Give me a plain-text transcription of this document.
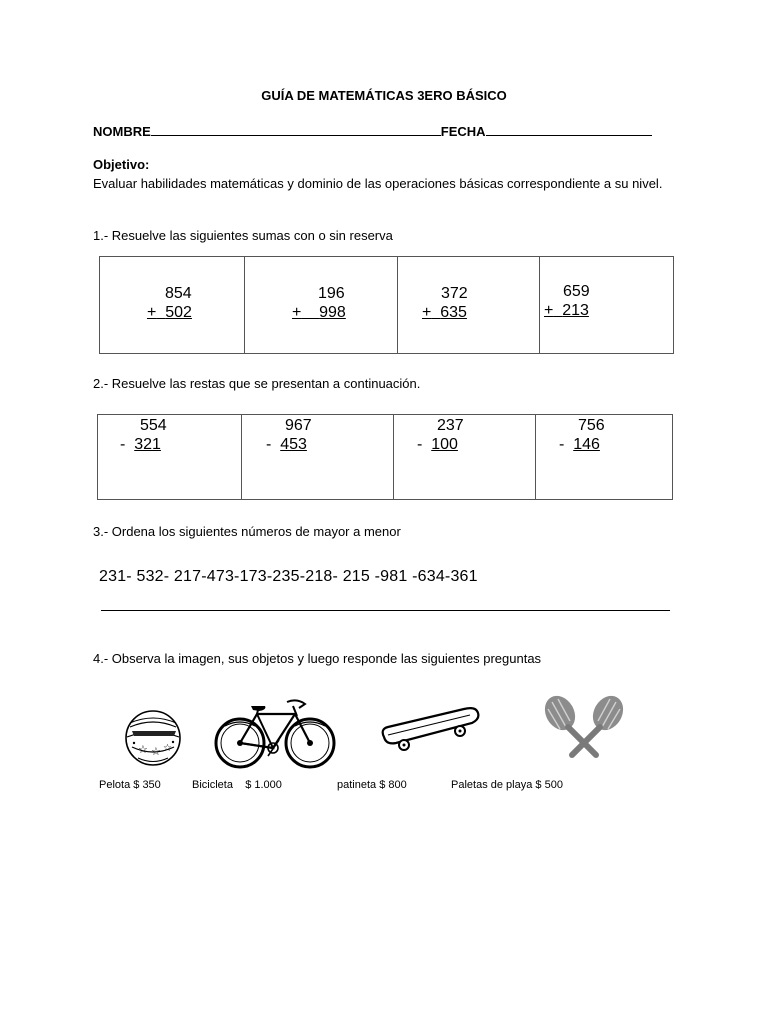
GUÍA DE MATEMÁTICAS 3ERO BÁSICO
NOMBRE	FECHA
Objetivo:
Evaluar habilidades matemáticas y dominio de las operaciones básicas correspondiente a su nivel.
1.- Resuelve las siguientes sumas con o sin reserva
854
+ 502

196
+ 998

372
+ 635

659
+ 213
2.- Resuelve las restas que se presentan a continuación.
554
- 321

967
- 453

237
- 100

756
- 146
3.- Ordena los siguientes números de mayor a menor
231- 532- 217-473-173-235-218- 215 -981 -634-361
4.- Observa la imagen, sus objetos y luego responde las siguientes preguntas
☆ ☆ ☆
Pelota $ 350	Bicicleta $ 1.000	patineta $ 800	Paletas de playa $ 500
